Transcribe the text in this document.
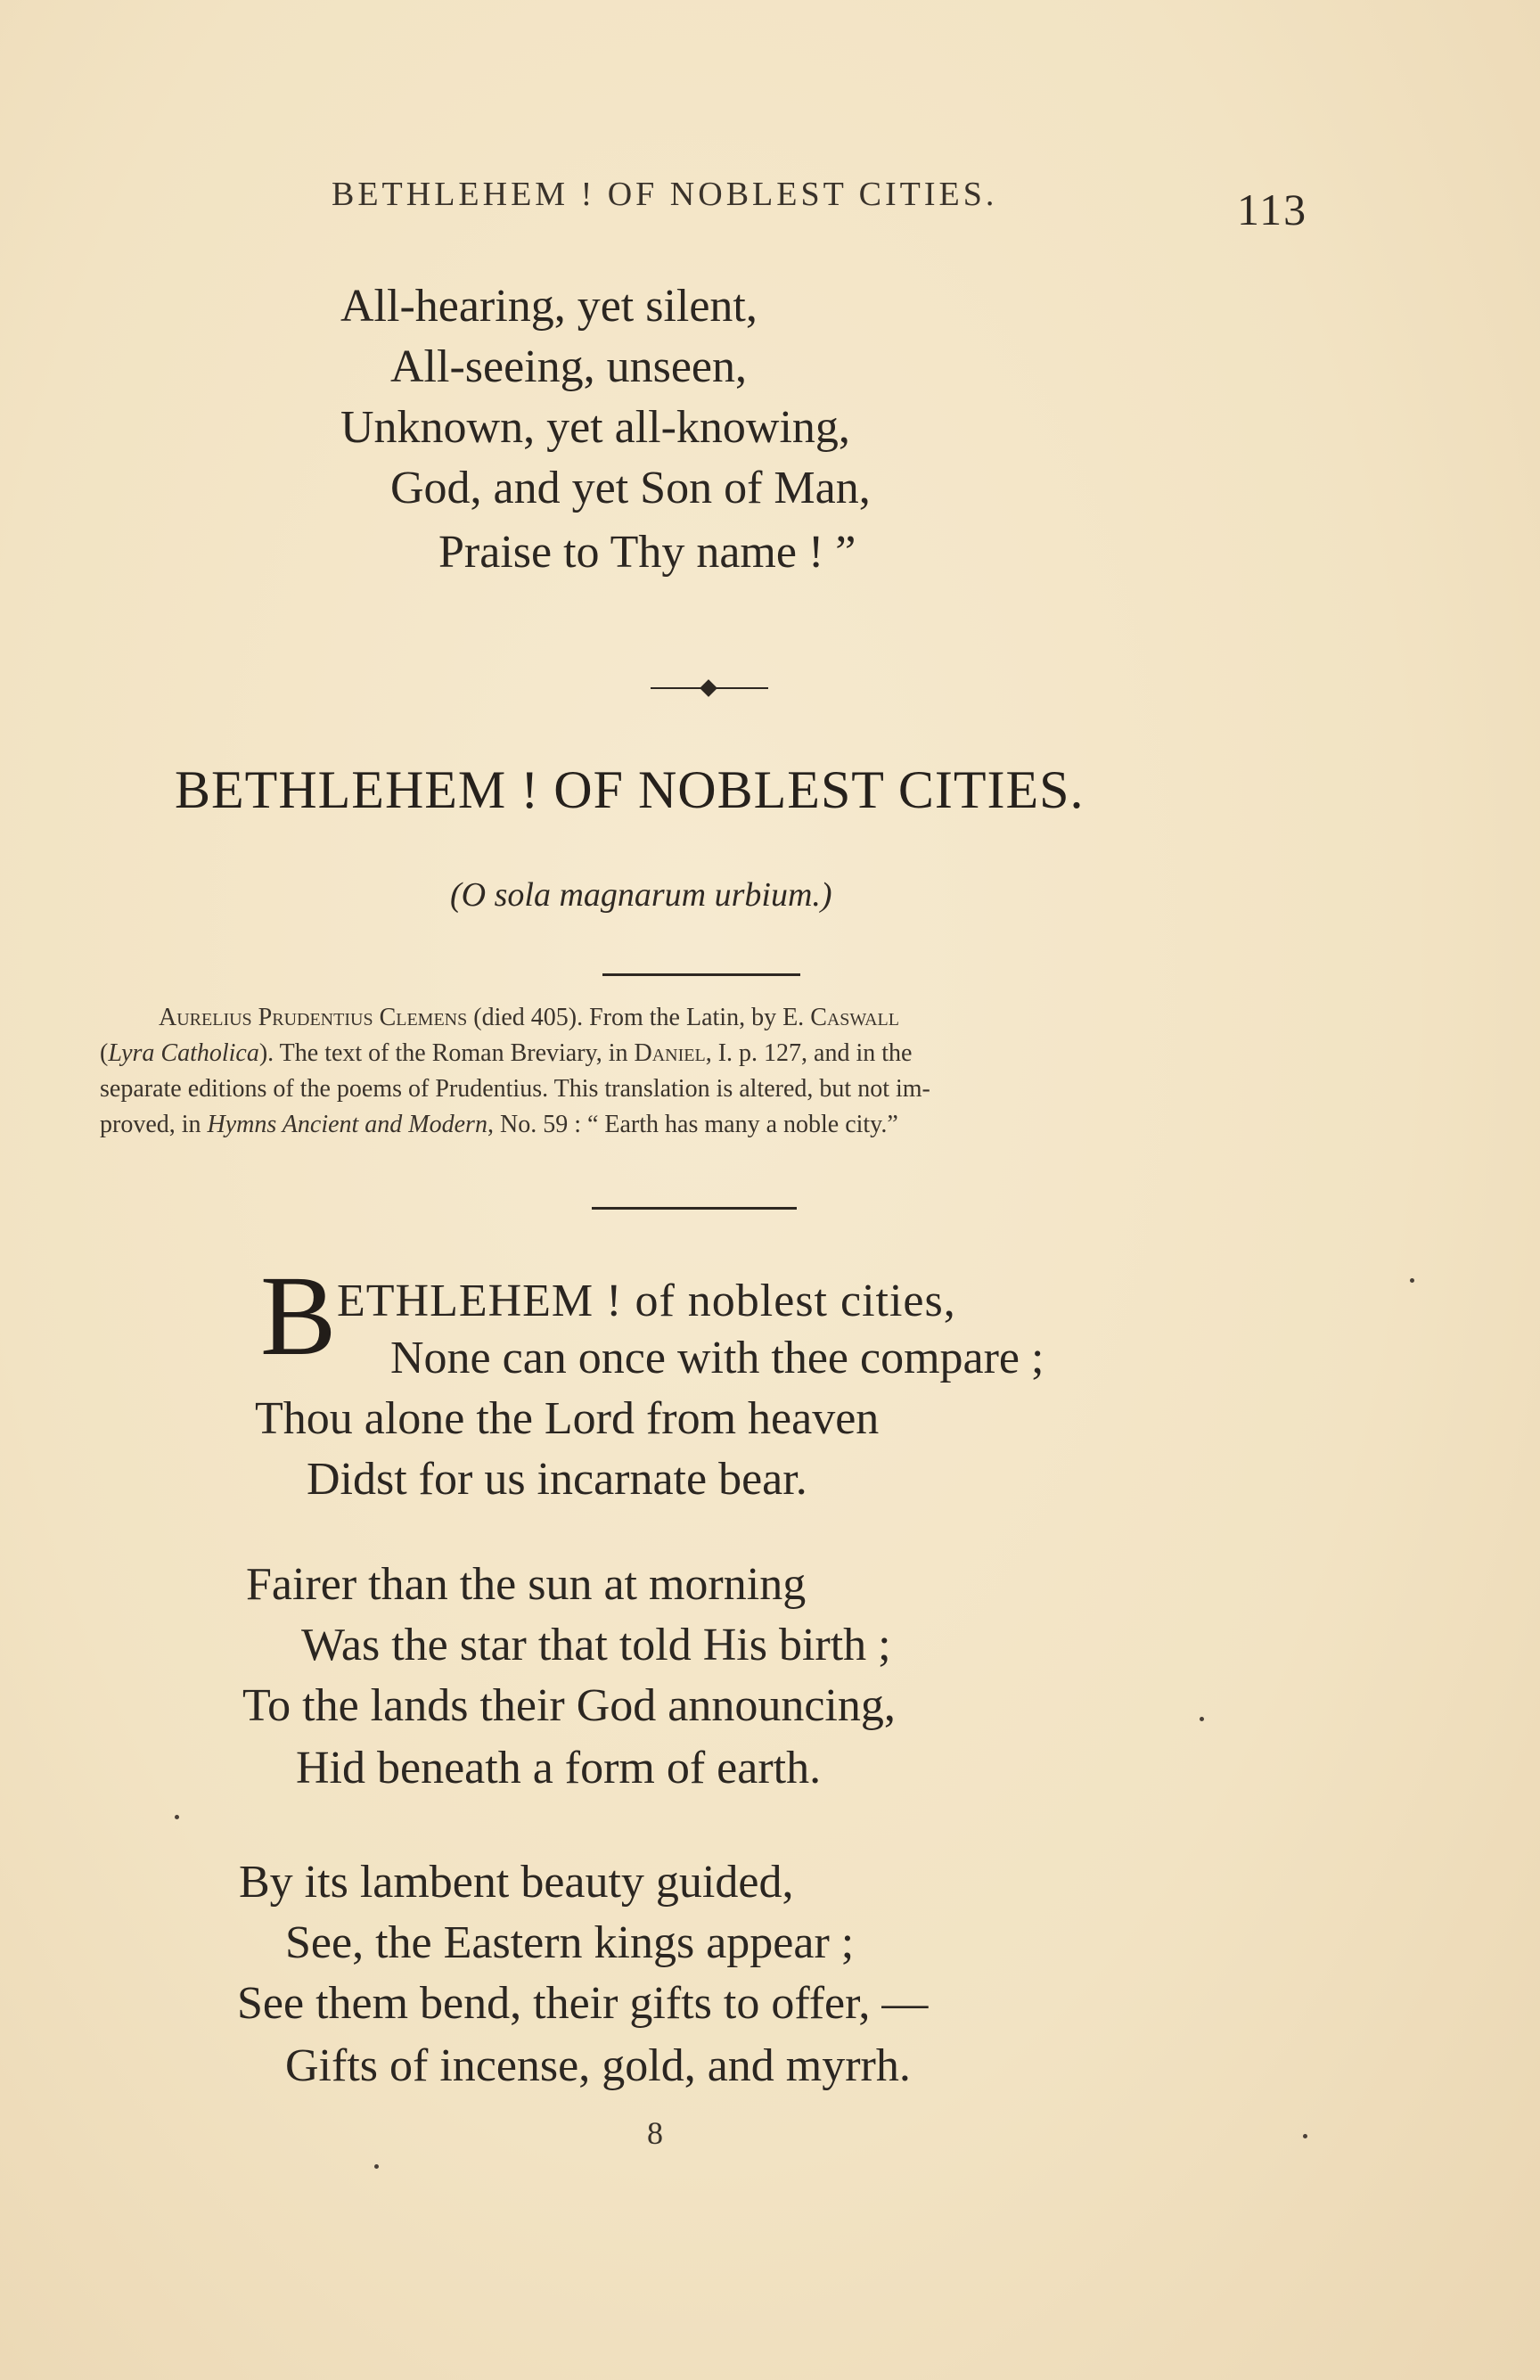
BETHLEHEM ! OF NOBLEST CITIES.	113
All-hearing, yet silent,
All-seeing, unseen,
Unknown, yet all-knowing,
God, and yet Son of Man,
Praise to Thy name ! ”
BETHLEHEM ! OF NOBLEST CITIES.
(O sola magnarum urbium.)
Aurelius Prudentius Clemens (died 405). From the Latin, by E. Caswall
(Lyra Catholica). The text of the Roman Breviary, in Daniel, I. p. 127, and in the
separate editions of the poems of Prudentius. This translation is altered, but not im-
proved, in Hymns Ancient and Modern, No. 59 : “ Earth has many a noble city.”
B ETHLEHEM ! of noblest cities,
None can once with thee compare ;
Thou alone the Lord from heaven
Didst for us incarnate bear.
Fairer than the sun at morning
Was the star that told His birth ;
To the lands their God announcing,
Hid beneath a form of earth.
By its lambent beauty guided,
See, the Eastern kings appear ;
See them bend, their gifts to offer, —
Gifts of incense, gold, and myrrh.
8
